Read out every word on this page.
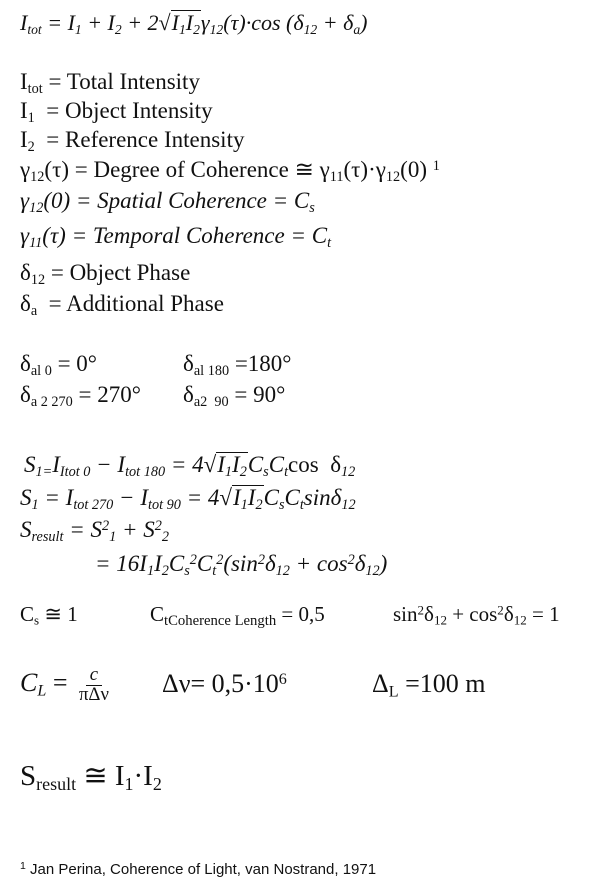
$I_{tot} = I_1 + I_2 + 2√I_1I_2\gamma_{12}(\tau)\cdot\cos$ $(\delta_{12} + \delta_a)$
$I_{tot}$ = Total Intensity
$I_1$  = Object Intensity
$I_2$  = Reference Intensity
$\gamma_{12}(\tau)$ = Degree of Coherence ≅ $\gamma_{11}(\tau)\cdot\gamma_{12}(0)$ $^1$
$\gamma_{12}(0)$ = Spatial Coherence = $C_s$
$\gamma_{11}(\tau)$ = Temporal Coherence = $C_t$
$\delta_{12}$ = Object Phase
$\delta_a$  = Additional Phase
$\delta_{al 0} = 0^\circ$	$\delta_{al 180} =180^\circ$
$\delta_{a 2 270} = 270^\circ$ $\delta_{a2 90} = 90^\circ$
$S_{1=}I_{Itot 0} - I_{tot 180} = 4√I_1I_2C_sC_t\cos$  $\delta_{12}$
$S_1 = I_{tot 270} - I_{tot 90} = 4√I_1I_2C_sC_t\sin\delta_{12}$
$S_{result} = S^2_1 + S^2_2$
= $16I_1I_2C_s^2C_t^2(\sin^2\delta_{12} + \cos^2\delta_{12})$
$C_s$ ≅ 1	$C_{tCoherence Length} = 0,5$	$\sin^2\delta_{12} + \cos^2\delta_{12} = 1$
$C_L = \frac{c}{\text{πΔν}} \Delta\nu= 0,5\cdot 10^6$	$\Delta_L =100$ m
$S_{result}$ ≅ $I_1\cdot I_2$
$^1$ Jan Perina, Coherence of Light, van Nostrand, 1971
